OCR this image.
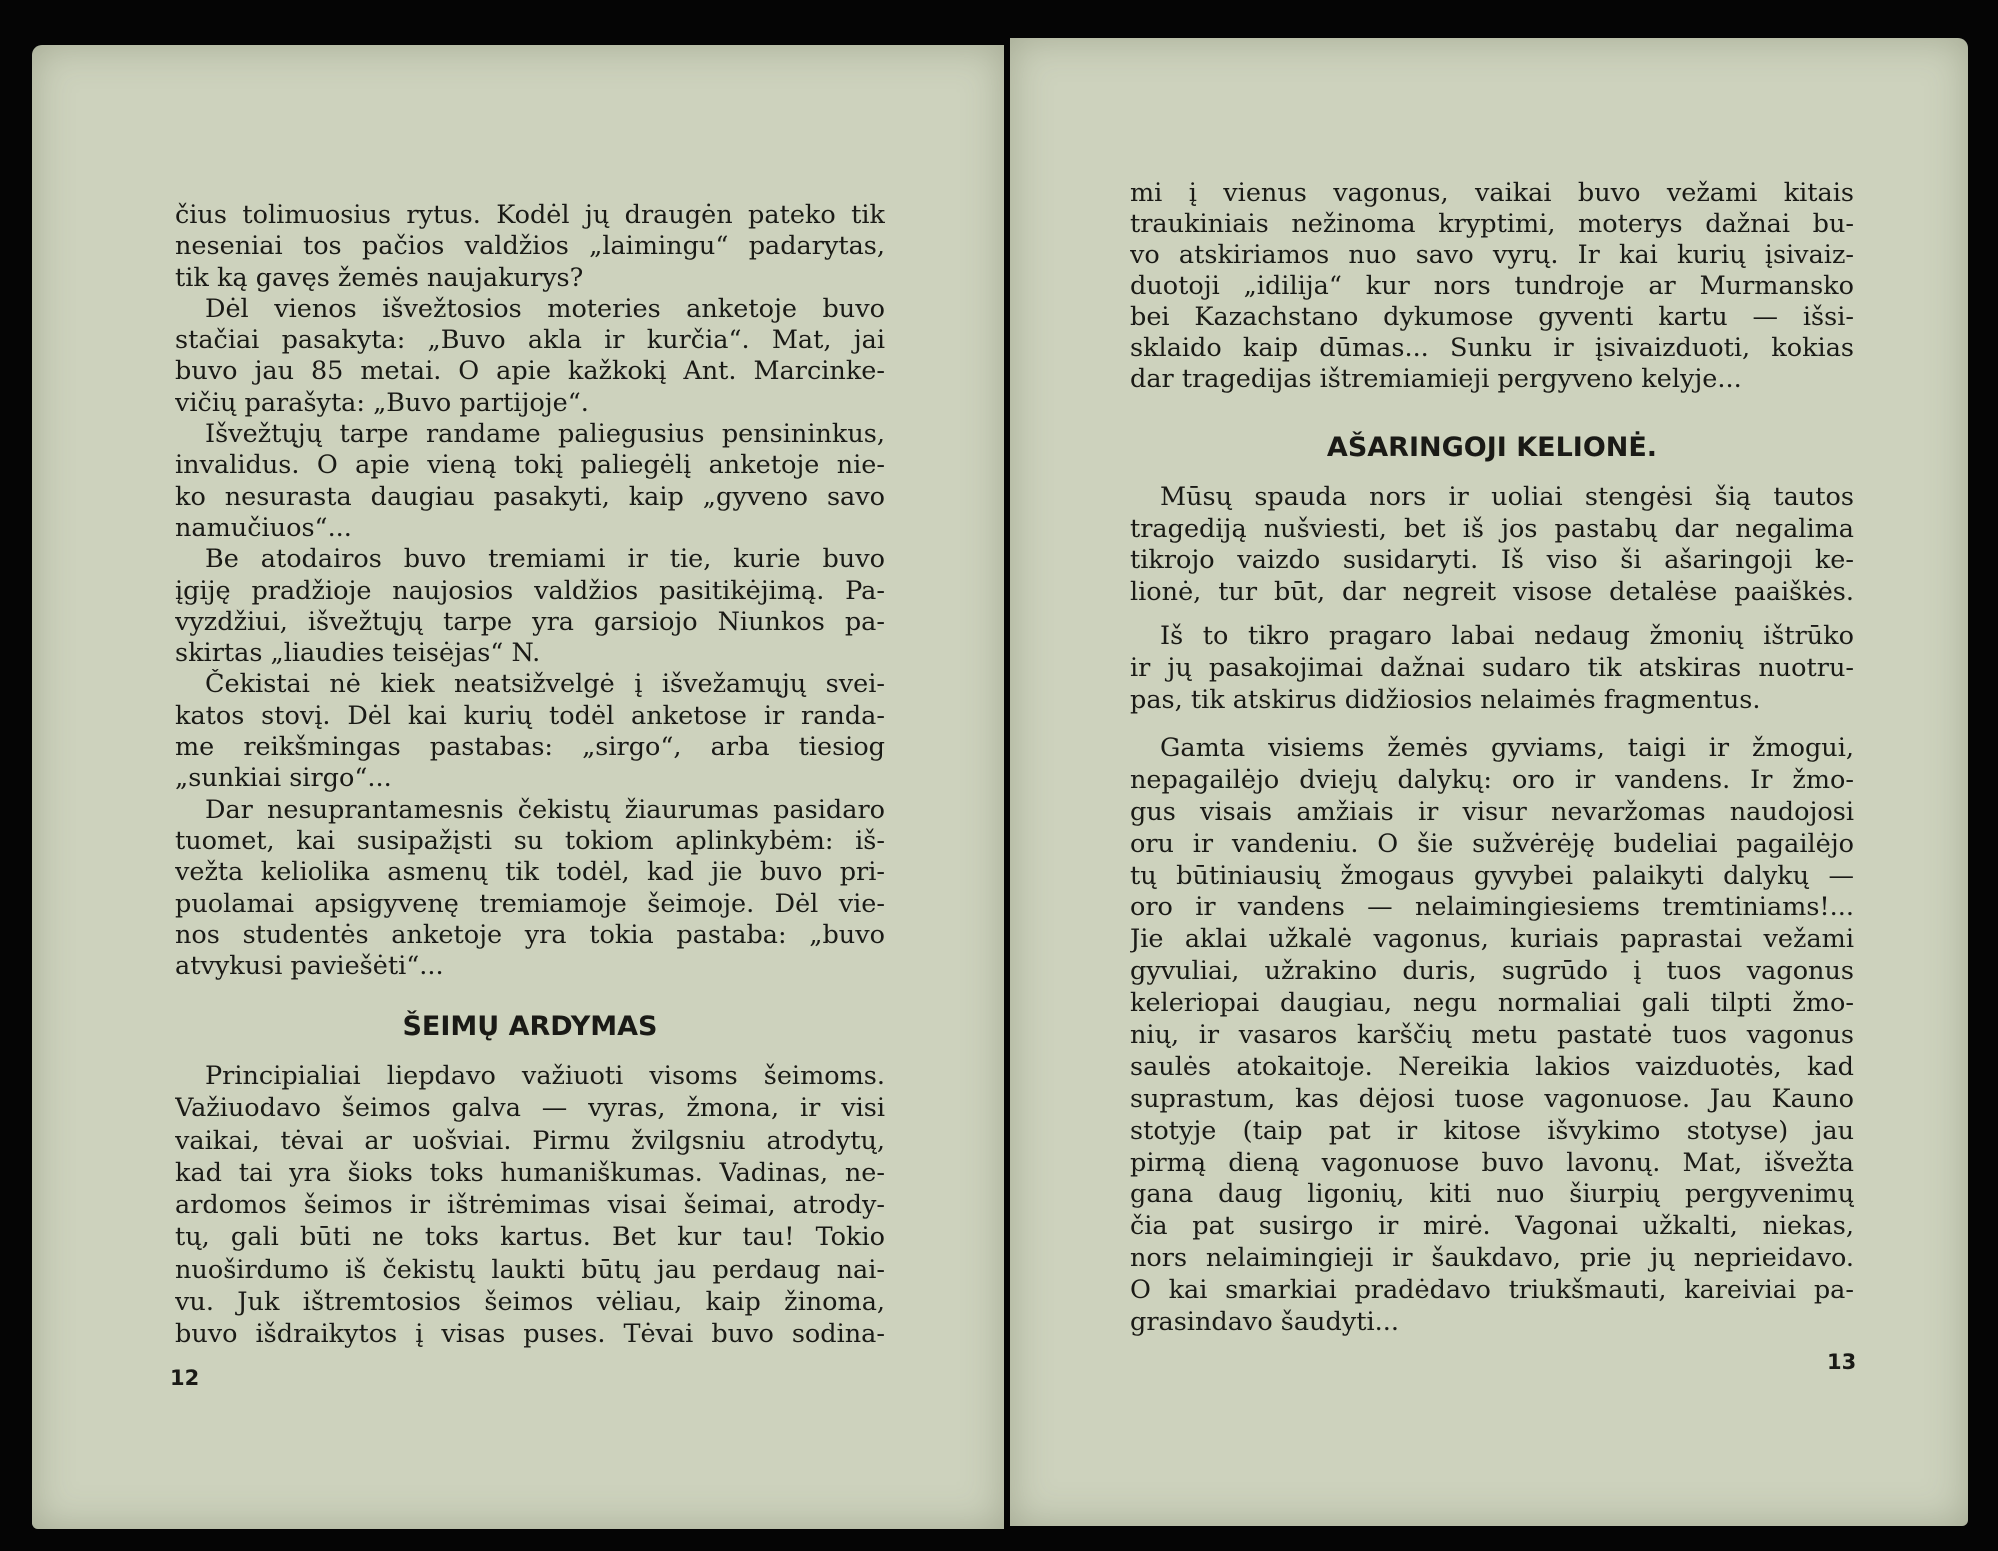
čius tolimuosius rytus. Kodėl jų draugėn pateko tik
neseniai tos pačios valdžios „laimingu“ padarytas,
tik ką gavęs žemės naujakurys?
Dėl vienos išvežtosios moteries anketoje buvo
stačiai pasakyta: „Buvo akla ir kurčia“. Mat, jai
buvo jau 85 metai. O apie kažkokį Ant. Marcinke-
vičių parašyta: „Buvo partijoje“.
Išvežtųjų tarpe randame paliegusius pensininkus,
invalidus. O apie vieną tokį paliegėlį anketoje nie-
ko nesurasta daugiau pasakyti, kaip „gyveno savo
namučiuos“...
Be atodairos buvo tremiami ir tie, kurie buvo
įgiję pradžioje naujosios valdžios pasitikėjimą. Pa-
vyzdžiui, išvežtųjų tarpe yra garsiojo Niunkos pa-
skirtas „liaudies teisėjas“ N.
Čekistai nė kiek neatsižvelgė į išvežamųjų svei-
katos stovį. Dėl kai kurių todėl anketose ir randa-
me reikšmingas pastabas: „sirgo“, arba tiesiog
„sunkiai sirgo“...
Dar nesuprantamesnis čekistų žiaurumas pasidaro
tuomet, kai susipažįsti su tokiom aplinkybėm: iš-
vežta keliolika asmenų tik todėl, kad jie buvo pri-
puolamai apsigyvenę tremiamoje šeimoje. Dėl vie-
nos studentės anketoje yra tokia pastaba: „buvo
atvykusi paviešėti“...
ŠEIMŲ ARDYMAS
Principialiai liepdavo važiuoti visoms šeimoms.
Važiuodavo šeimos galva — vyras, žmona, ir visi
vaikai, tėvai ar uošviai. Pirmu žvilgsniu atrodytų,
kad tai yra šioks toks humaniškumas. Vadinas, ne-
ardomos šeimos ir ištrėmimas visai šeimai, atrody-
tų, gali būti ne toks kartus. Bet kur tau! Tokio
nuoširdumo iš čekistų laukti būtų jau perdaug nai-
vu. Juk ištremtosios šeimos vėliau, kaip žinoma,
buvo išdraikytos į visas puses. Tėvai buvo sodina-
12
mi į vienus vagonus, vaikai buvo vežami kitais
traukiniais nežinoma kryptimi, moterys dažnai bu-
vo atskiriamos nuo savo vyrų. Ir kai kurių įsivaiz-
duotoji „idilija“ kur nors tundroje ar Murmansko
bei Kazachstano dykumose gyventi kartu — išsi-
sklaido kaip dūmas... Sunku ir įsivaizduoti, kokias
dar tragedijas ištremiamieji pergyveno kelyje...
AŠARINGOJI KELIONĖ.
Mūsų spauda nors ir uoliai stengėsi šią tautos
tragediją nušviesti, bet iš jos pastabų dar negalima
tikrojo vaizdo susidaryti. Iš viso ši ašaringoji ke-
lionė, tur būt, dar negreit visose detalėse paaiškės.
Iš to tikro pragaro labai nedaug žmonių ištrūko
ir jų pasakojimai dažnai sudaro tik atskiras nuotru-
pas, tik atskirus didžiosios nelaimės fragmentus.
Gamta visiems žemės gyviams, taigi ir žmogui,
nepagailėjo dviejų dalykų: oro ir vandens. Ir žmo-
gus visais amžiais ir visur nevaržomas naudojosi
oru ir vandeniu. O šie sužvėrėję budeliai pagailėjo
tų būtiniausių žmogaus gyvybei palaikyti dalykų —
oro ir vandens — nelaimingiesiems tremtiniams!...
Jie aklai užkalė vagonus, kuriais paprastai vežami
gyvuliai, užrakino duris, sugrūdo į tuos vagonus
keleriopai daugiau, negu normaliai gali tilpti žmo-
nių, ir vasaros karščių metu pastatė tuos vagonus
saulės atokaitoje. Nereikia lakios vaizduotės, kad
suprastum, kas dėjosi tuose vagonuose. Jau Kauno
stotyje (taip pat ir kitose išvykimo stotyse) jau
pirmą dieną vagonuose buvo lavonų. Mat, išvežta
gana daug ligonių, kiti nuo šiurpių pergyvenimų
čia pat susirgo ir mirė. Vagonai užkalti, niekas,
nors nelaimingieji ir šaukdavo, prie jų neprieidavo.
O kai smarkiai pradėdavo triukšmauti, kareiviai pa-
grasindavo šaudyti...
13
